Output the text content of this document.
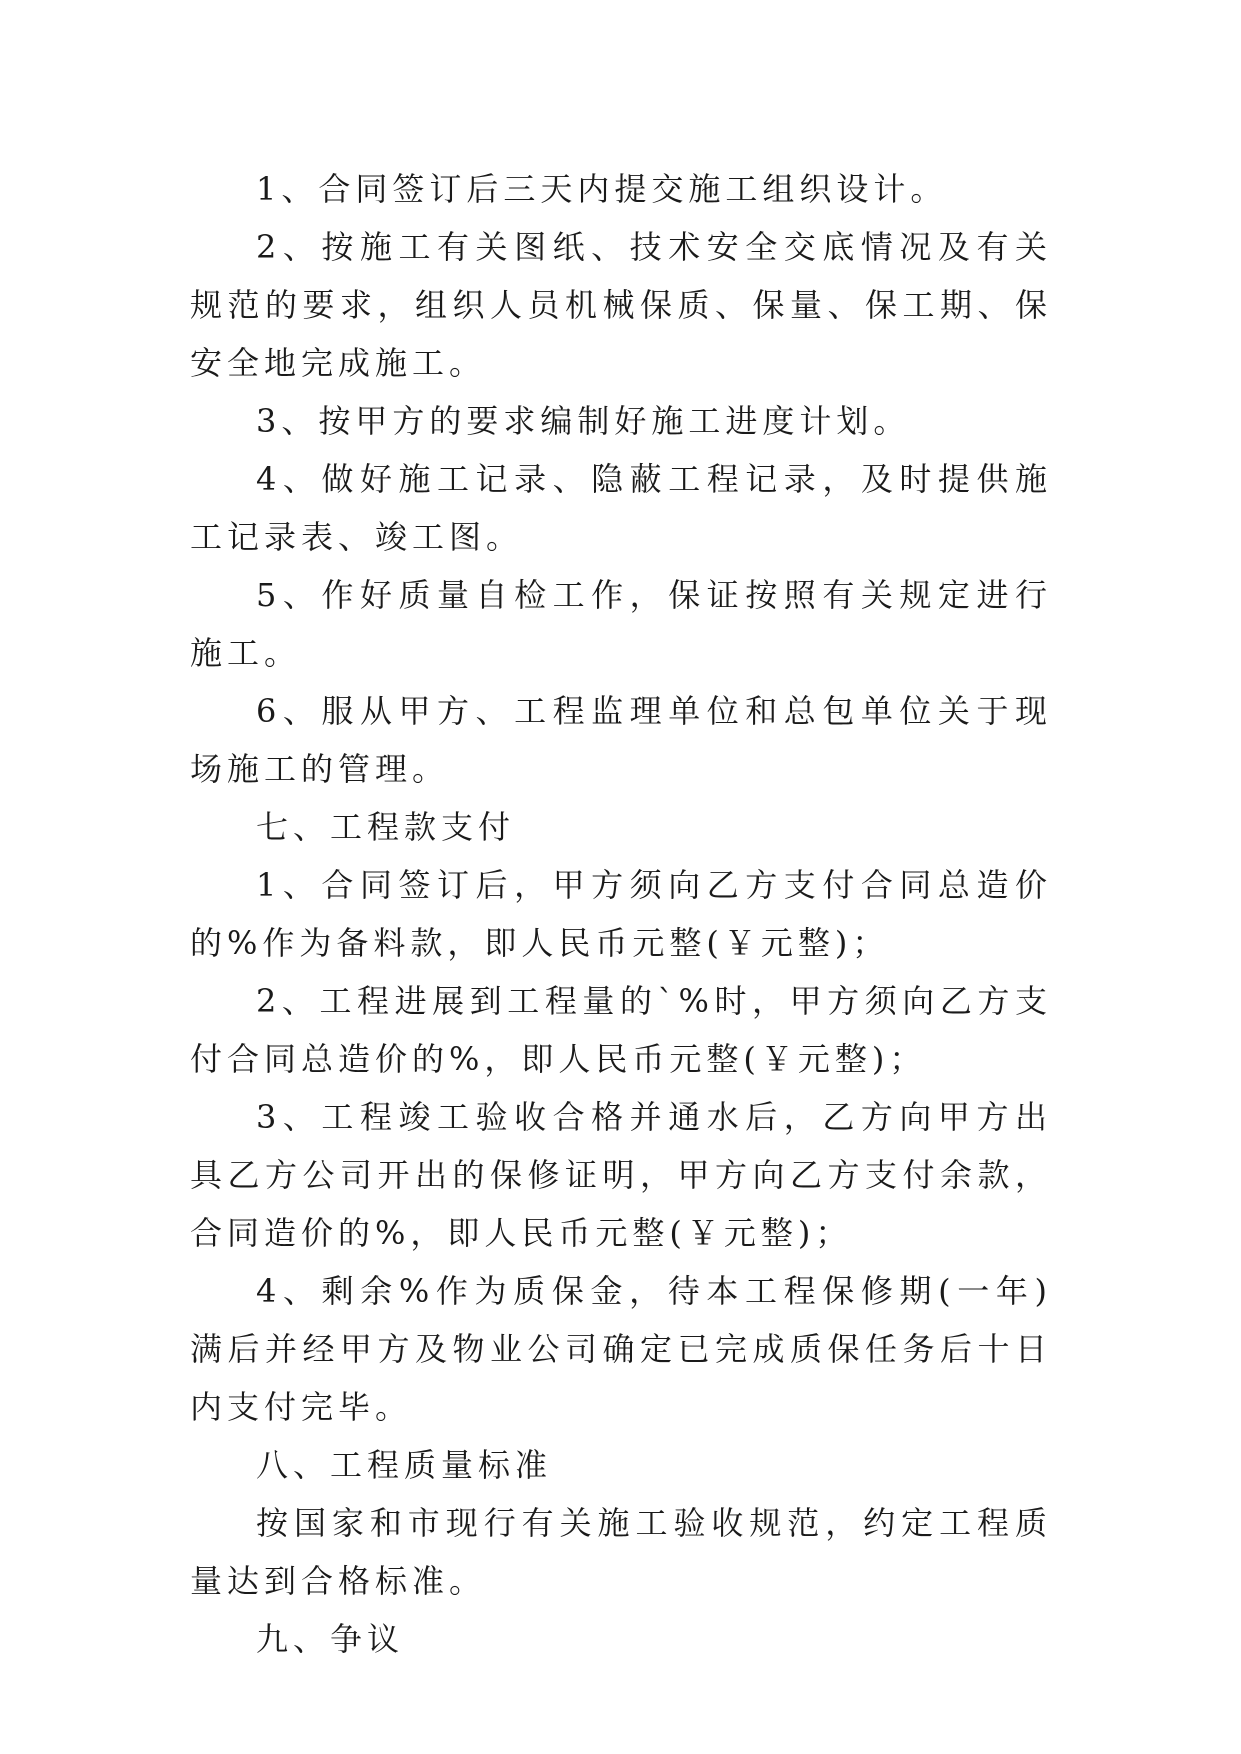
1、合同签订后三天内提交施工组织设计。

2、按施工有关图纸、技术安全交底情况及有关规范的要求，组织人员机械保质、保量、保工期、保安全地完成施工。

3、按甲方的要求编制好施工进度计划。

4、做好施工记录、隐蔽工程记录，及时提供施工记录表、竣工图。

5、作好质量自检工作，保证按照有关规定进行施工。

6、服从甲方、工程监理单位和总包单位关于现场施工的管理。

七、工程款支付

1、合同签订后，甲方须向乙方支付合同总造价的%作为备料款，即人民币元整(￥元整)；

2、工程进展到工程量的`%时，甲方须向乙方支付合同总造价的%，即人民币元整(￥元整)；

3、工程竣工验收合格并通水后，乙方向甲方出具乙方公司开出的保修证明，甲方向乙方支付余款，合同造价的%，即人民币元整(￥元整)；

4、剩余%作为质保金，待本工程保修期(一年)满后并经甲方及物业公司确定已完成质保任务后十日内支付完毕。

八、工程质量标准

按国家和市现行有关施工验收规范，约定工程质量达到合格标准。

九、争议
